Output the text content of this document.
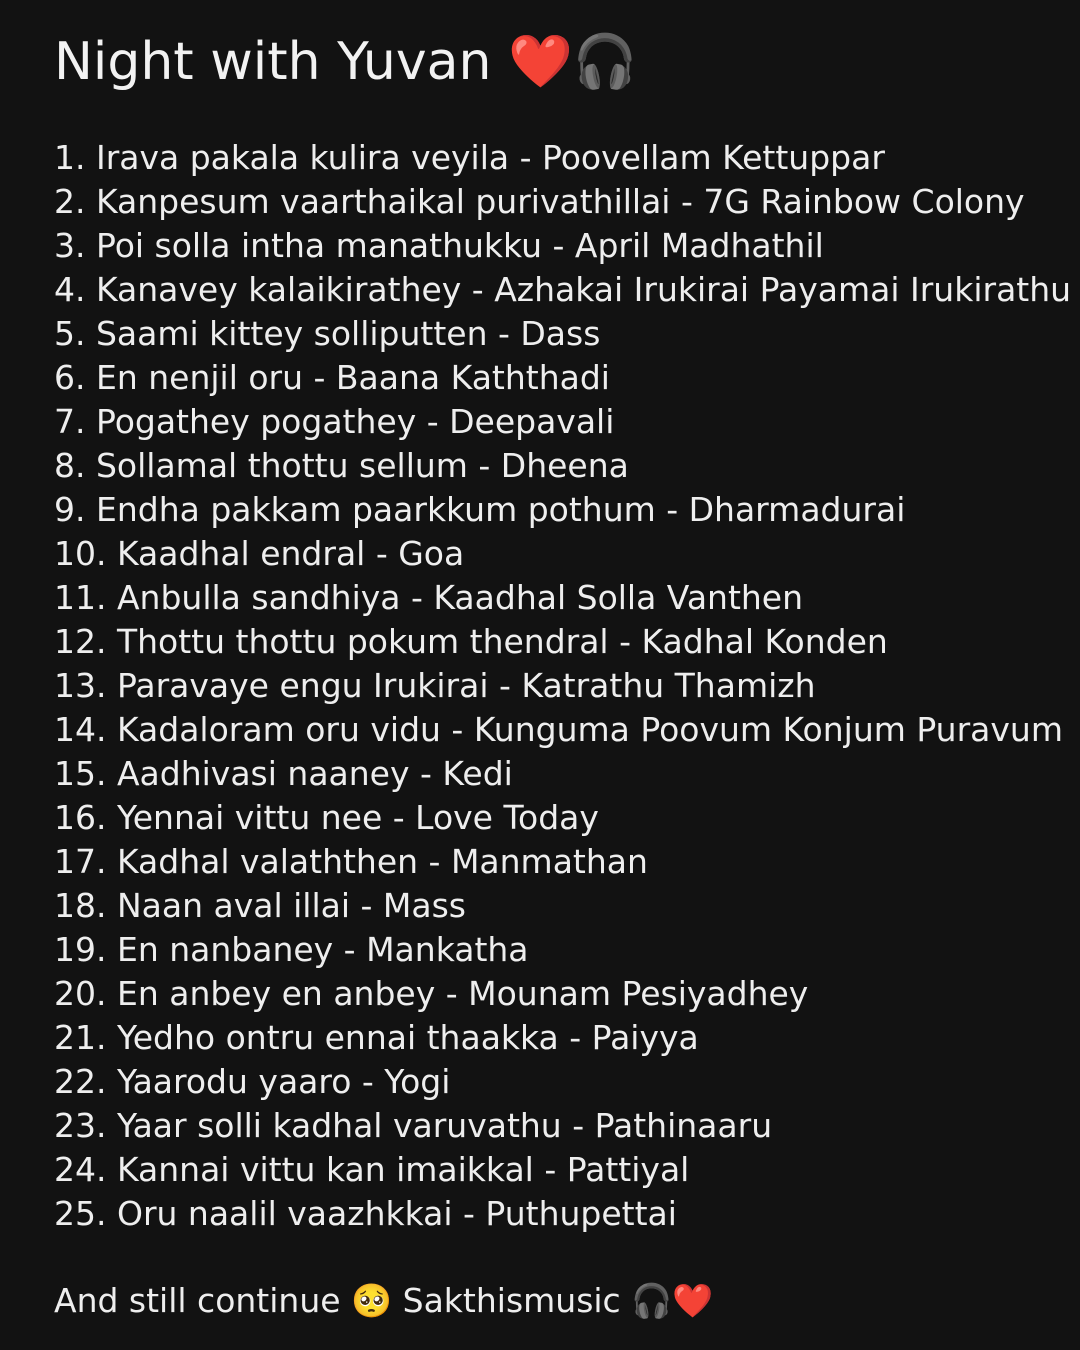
Night with Yuvan ❤️🎧
1. Irava pakala kulira veyila - Poovellam Kettuppar
2. Kanpesum vaarthaikal purivathillai - 7G Rainbow Colony
3. Poi solla intha manathukku - April Madhathil
4. Kanavey kalaikirathey - Azhakai Irukirai Payamai Irukirathu
5. Saami kittey sollіputten - Dass
6. En nenjil oru - Baana Kaththadi
7. Pogathey pogathey - Deepavali
8. Sollamal thottu sellum - Dheena
9. Endha pakkam paarkkum pothum - Dharmadurai
10. Kaadhal endral - Goa
11. Anbulla sandhiya - Kaadhal Solla Vanthen
12. Thottu thottu pokum thendral - Kadhal Konden
13. Paravaye engu Irukirai - Katrathu Thamizh
14. Kadaloram oru vidu - Kunguma Poovum Konjum Puravum
15. Aadhivasi naaney - Kedi
16. Yennai vittu nee - Love Today
17. Kadhal valaththen - Manmathan
18. Naan aval illai - Mass
19. En nanbaney - Mankatha
20. En anbey en anbey - Mounam Pesiyadhey
21. Yedho ontru ennai thaakka - Paiyya
22. Yaarodu yaaro - Yogi
23. Yaar solli kadhal varuvathu - Pathinaaru
24. Kannai vittu kan imaikkal - Pattiyal
25. Oru naalil vaazhkkai - Puthupettai
And still continue 🥺 Sakthismusic 🎧❤️
